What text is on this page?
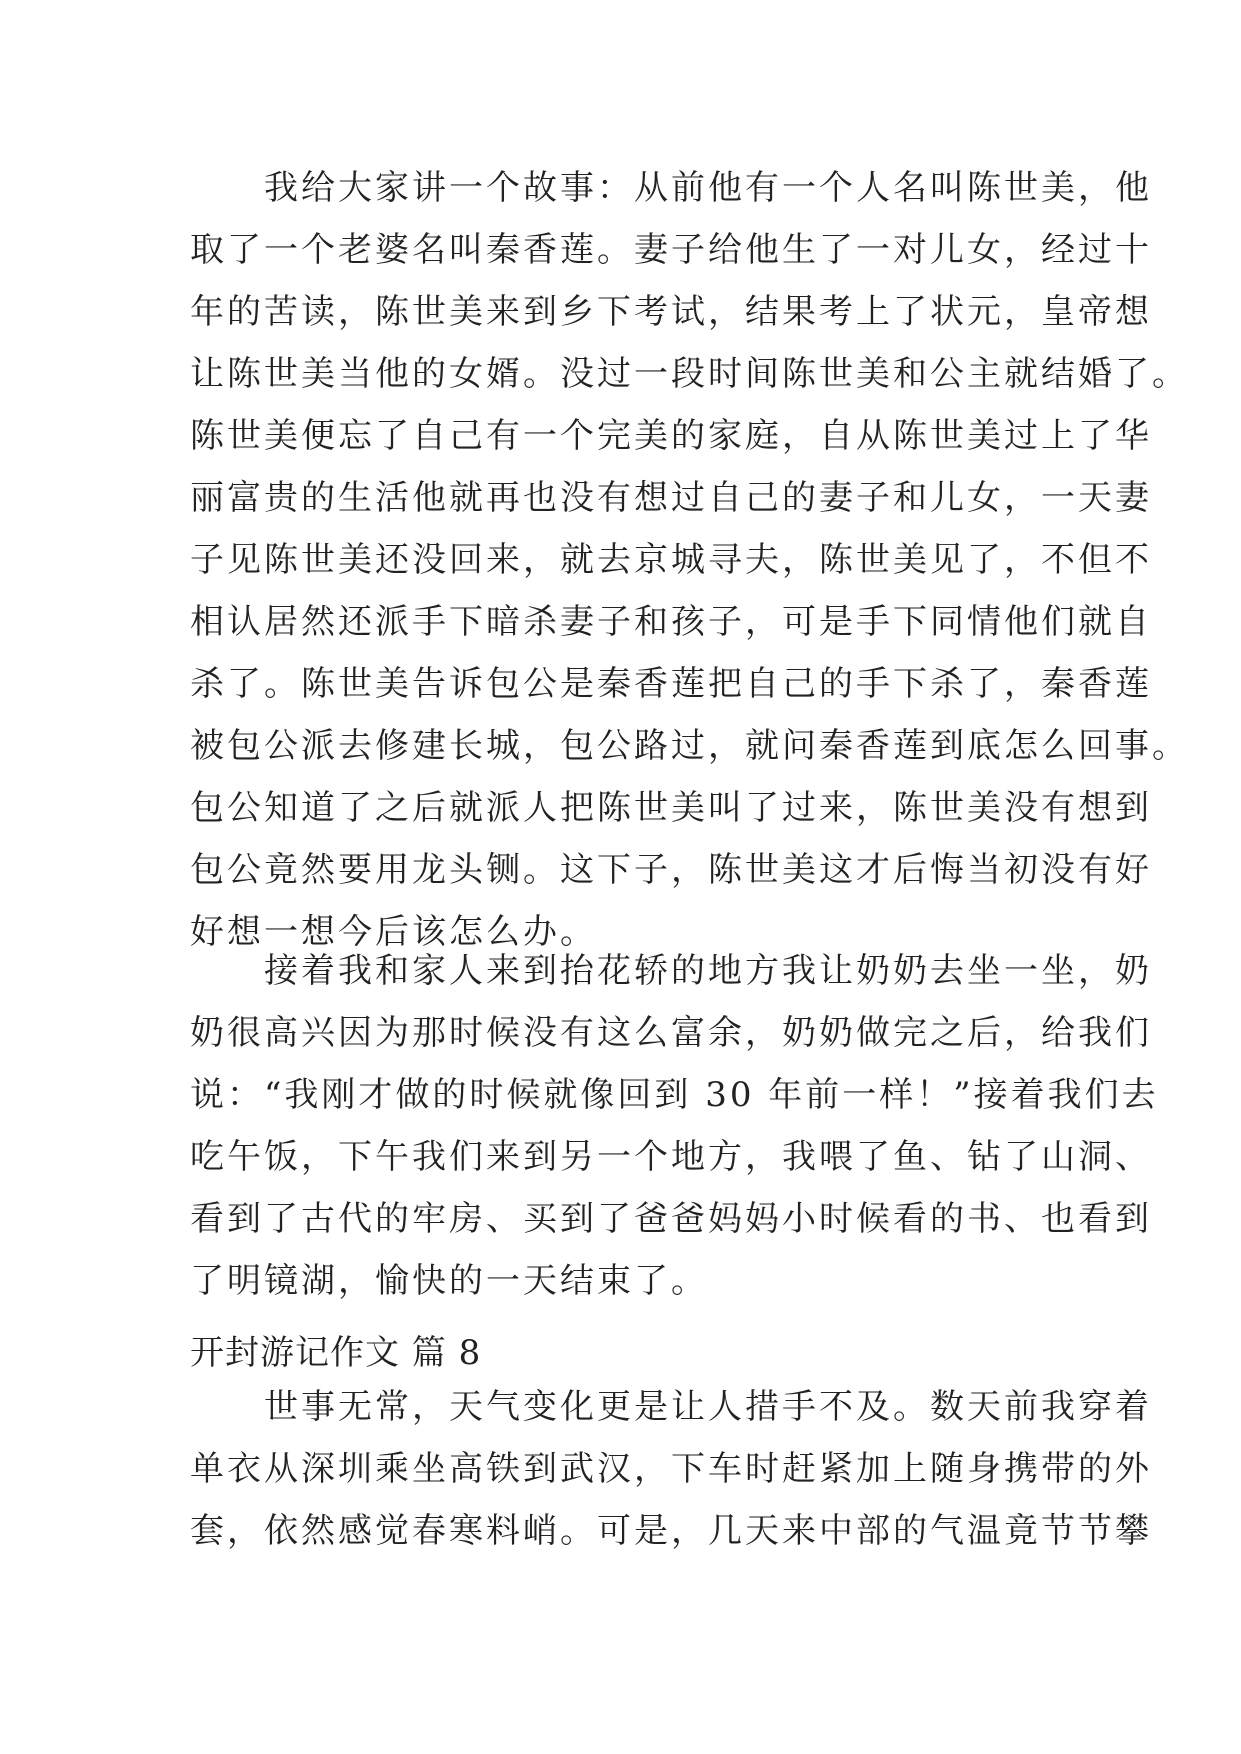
　　我给大家讲一个故事：从前他有一个人名叫陈世美，他
取了一个老婆名叫秦香莲。妻子给他生了一对儿女，经过十
年的苦读，陈世美来到乡下考试，结果考上了状元，皇帝想
让陈世美当他的女婿。没过一段时间陈世美和公主就结婚了。
陈世美便忘了自己有一个完美的家庭，自从陈世美过上了华
丽富贵的生活他就再也没有想过自己的妻子和儿女，一天妻
子见陈世美还没回来，就去京城寻夫，陈世美见了，不但不
相认居然还派手下暗杀妻子和孩子，可是手下同情他们就自
杀了。陈世美告诉包公是秦香莲把自己的手下杀了，秦香莲
被包公派去修建长城，包公路过，就问秦香莲到底怎么回事。
包公知道了之后就派人把陈世美叫了过来，陈世美没有想到
包公竟然要用龙头铡。这下子，陈世美这才后悔当初没有好
好想一想今后该怎么办。
　　接着我和家人来到抬花轿的地方我让奶奶去坐一坐，奶
奶很高兴因为那时候没有这么富余，奶奶做完之后，给我们
说：“我刚才做的时候就像回到 30 年前一样！”接着我们去
吃午饭，下午我们来到另一个地方，我喂了鱼、钻了山洞、
看到了古代的牢房、买到了爸爸妈妈小时候看的书、也看到
了明镜湖，愉快的一天结束了。
开封游记作文 篇 8
　　世事无常，天气变化更是让人措手不及。数天前我穿着
单衣从深圳乘坐高铁到武汉，下车时赶紧加上随身携带的外
套，依然感觉春寒料峭。可是，几天来中部的气温竟节节攀
